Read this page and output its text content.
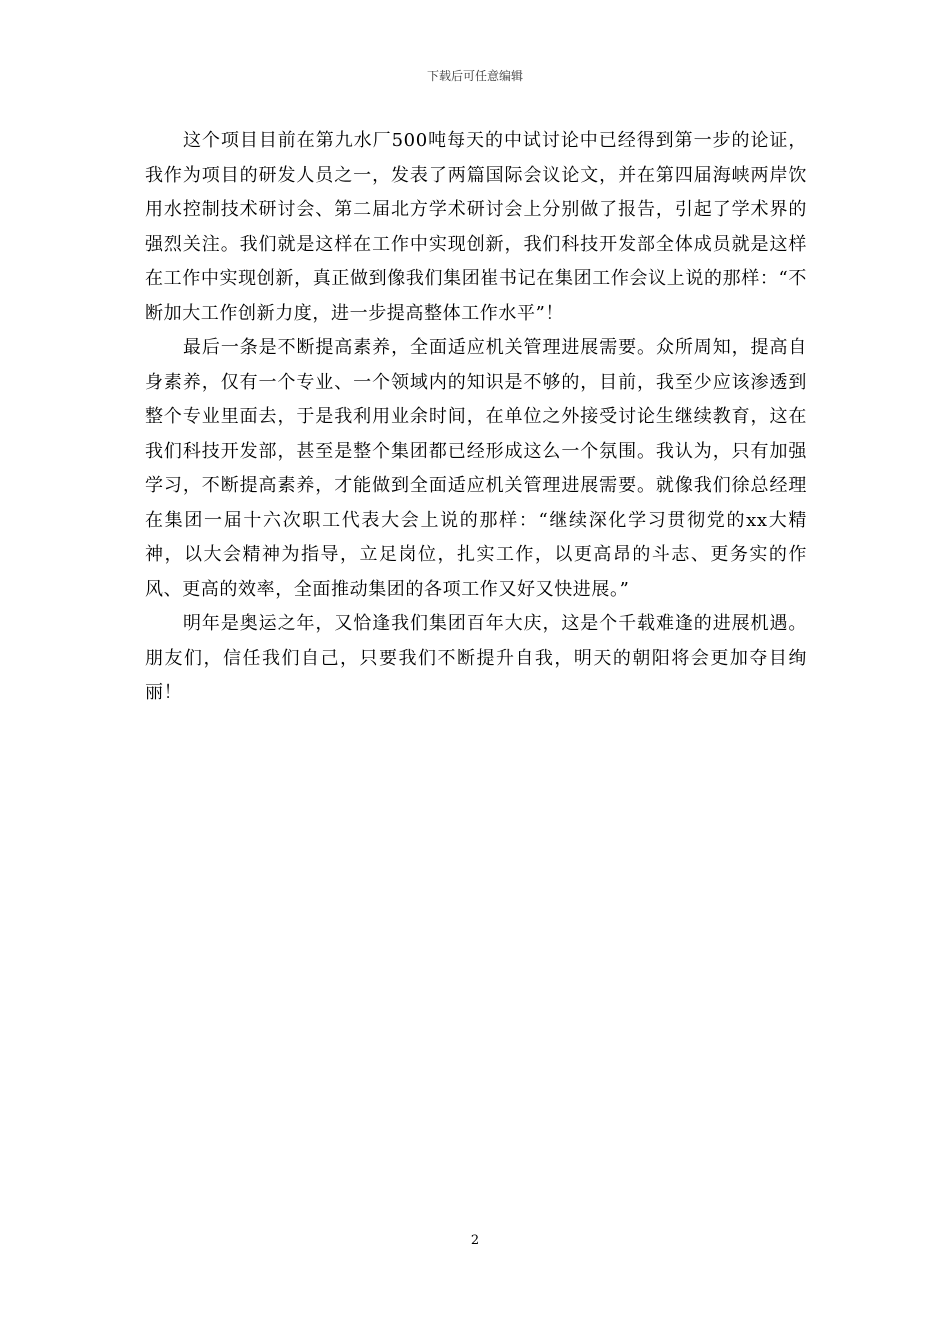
下载后可任意编辑

这个项目目前在第九水厂500吨每天的中试讨论中已经得到第一步的论证，我作为项目的研发人员之一，发表了两篇国际会议论文，并在第四届海峡两岸饮用水控制技术研讨会、第二届北方学术研讨会上分别做了报告，引起了学术界的强烈关注。我们就是这样在工作中实现创新，我们科技开发部全体成员就是这样在工作中实现创新，真正做到像我们集团崔书记在集团工作会议上说的那样：“不断加大工作创新力度，进一步提高整体工作水平”！

最后一条是不断提高素养，全面适应机关管理进展需要。众所周知，提高自身素养，仅有一个专业、一个领域内的知识是不够的，目前，我至少应该渗透到整个专业里面去，于是我利用业余时间，在单位之外接受讨论生继续教育，这在我们科技开发部，甚至是整个集团都已经形成这么一个氛围。我认为，只有加强学习，不断提高素养，才能做到全面适应机关管理进展需要。就像我们徐总经理在集团一届十六次职工代表大会上说的那样：“继续深化学习贯彻党的xx大精神，以大会精神为指导，立足岗位，扎实工作，以更高昂的斗志、更务实的作风、更高的效率，全面推动集团的各项工作又好又快进展。”

明年是奥运之年，又恰逢我们集团百年大庆，这是个千载难逢的进展机遇。朋友们，信任我们自己，只要我们不断提升自我，明天的朝阳将会更加夺目绚丽！

2
